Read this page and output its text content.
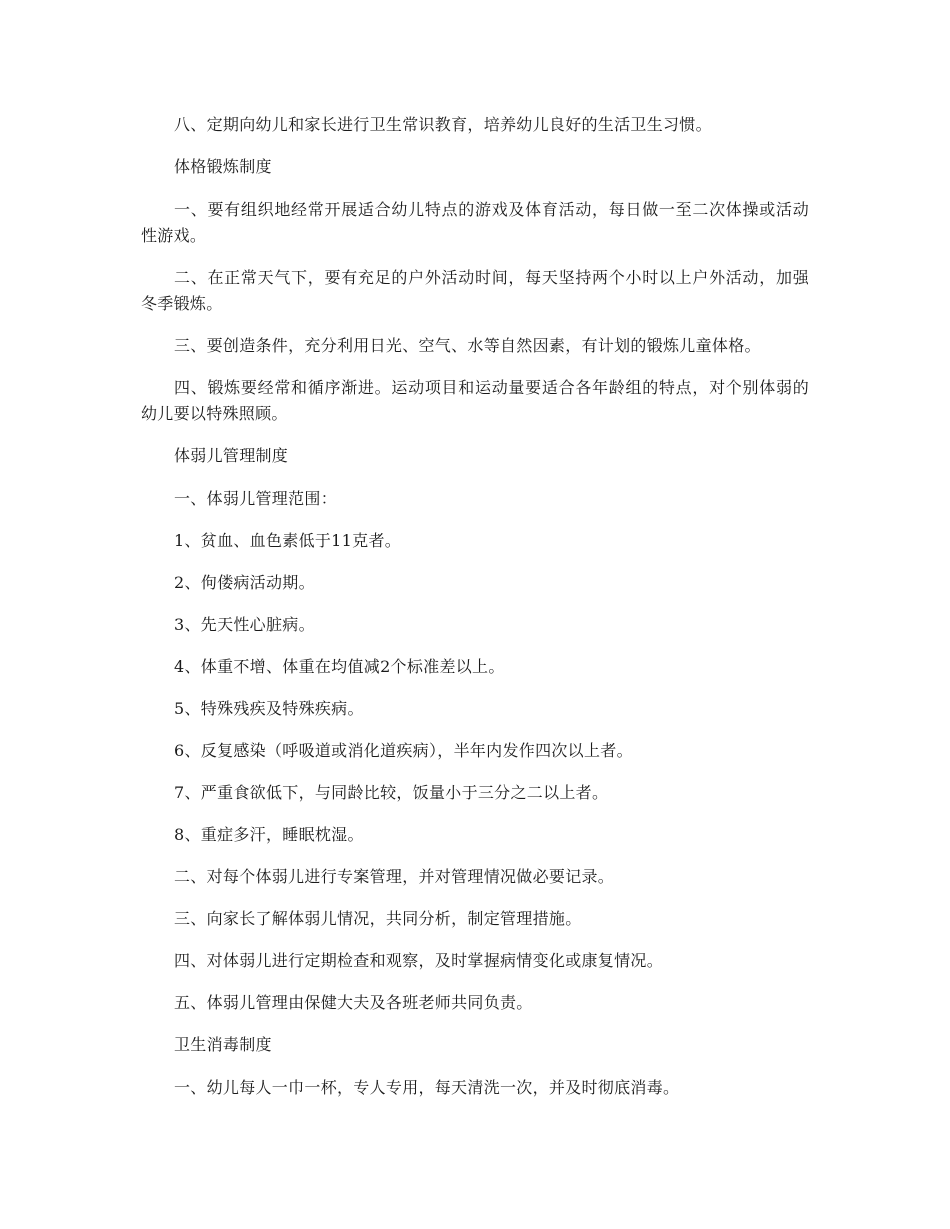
八、定期向幼儿和家长进行卫生常识教育，培养幼儿良好的生活卫生习惯。

体格锻炼制度

一、要有组织地经常开展适合幼儿特点的游戏及体育活动，每日做一至二次体操或活动性游戏。

二、在正常天气下，要有充足的户外活动时间，每天坚持两个小时以上户外活动，加强冬季锻炼。

三、要创造条件，充分利用日光、空气、水等自然因素，有计划的锻炼儿童体格。

四、锻炼要经常和循序渐进。运动项目和运动量要适合各年龄组的特点，对个别体弱的幼儿要以特殊照顾。

体弱儿管理制度

一、体弱儿管理范围：

1、贫血、血色素低于11克者。

2、佝偻病活动期。

3、先天性心脏病。

4、体重不增、体重在均值减2个标准差以上。

5、特殊残疾及特殊疾病。

6、反复感染（呼吸道或消化道疾病），半年内发作四次以上者。

7、严重食欲低下，与同龄比较，饭量小于三分之二以上者。

8、重症多汗，睡眠枕湿。

二、对每个体弱儿进行专案管理，并对管理情况做必要记录。

三、向家长了解体弱儿情况，共同分析，制定管理措施。

四、对体弱儿进行定期检查和观察，及时掌握病情变化或康复情况。

五、体弱儿管理由保健大夫及各班老师共同负责。

卫生消毒制度

一、幼儿每人一巾一杯，专人专用，每天清洗一次，并及时彻底消毒。
